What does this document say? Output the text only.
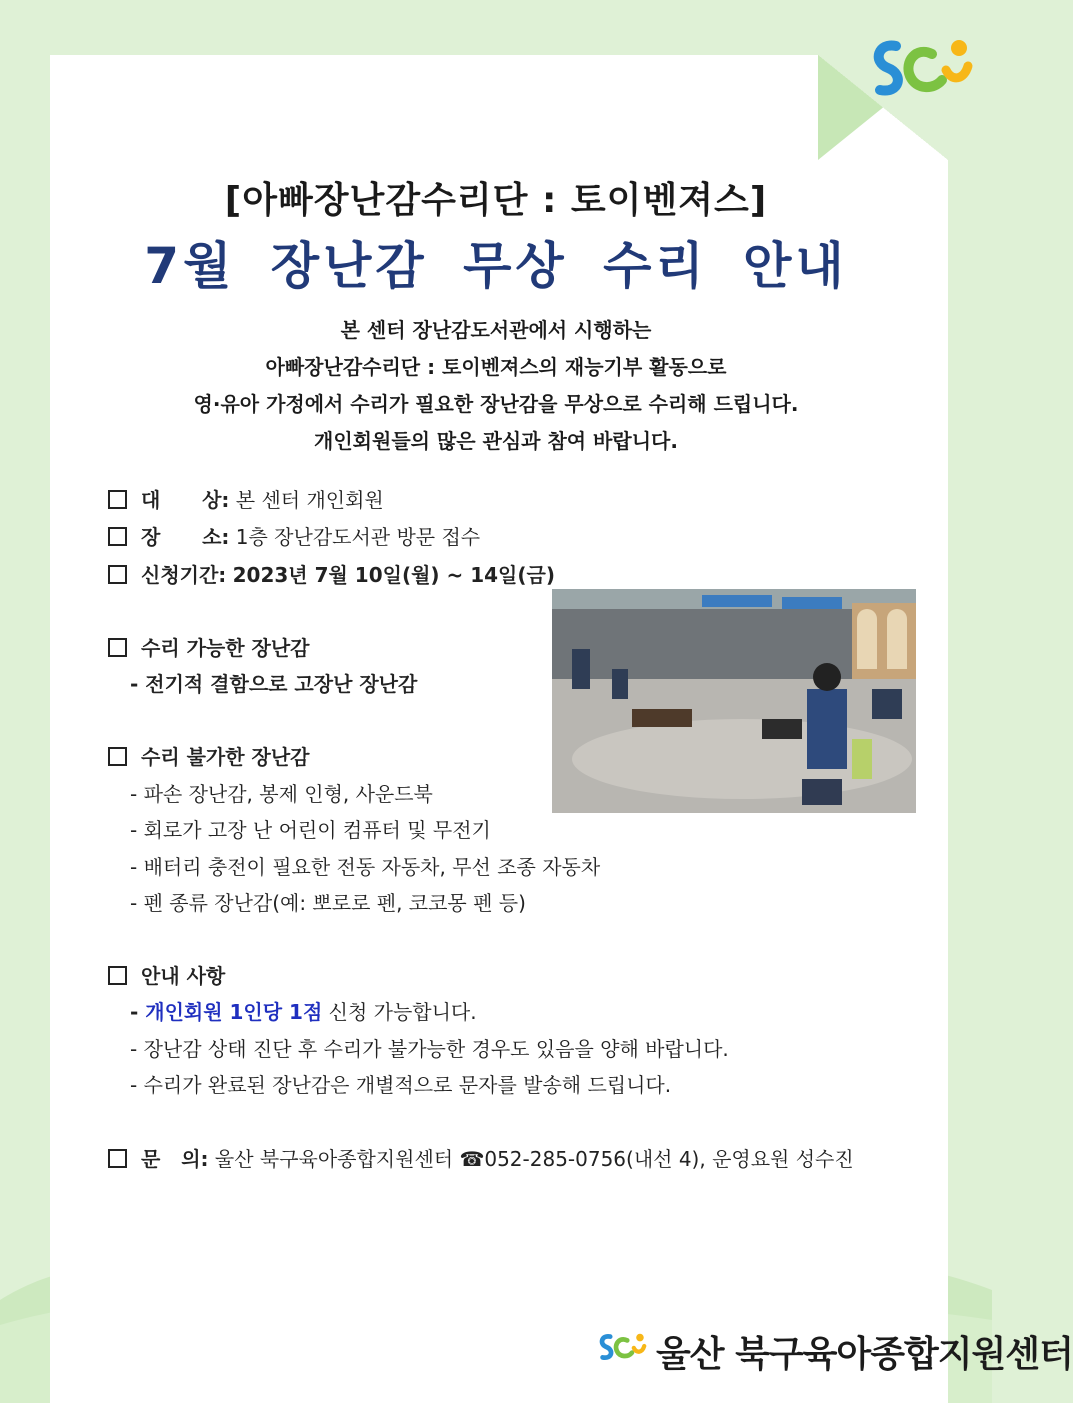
[아빠장난감수리단 : 토이벤져스]
7월 장난감 무상 수리 안내
본 센터 장난감도서관에서 시행하는
아빠장난감수리단 : 토이벤져스의 재능기부 활동으로
영·유아 가정에서 수리가 필요한 장난감을 무상으로 수리해 드립니다.
개인회원들의 많은 관심과 참여 바랍니다.
대      상: 본 센터 개인회원
장      소: 1층 장난감도서관 방문 접수
신청기간: 2023년 7월 10일(월) ~ 14일(금)
수리 가능한 장난감
- 전기적 결함으로 고장난 장난감
수리 불가한 장난감
- 파손 장난감, 봉제 인형, 사운드북
- 회로가 고장 난 어린이 컴퓨터 및 무전기
- 배터리 충전이 필요한 전동 자동차, 무선 조종 자동차
- 펜 종류 장난감(예: 뽀로로 펜, 코코몽 펜 등)
안내 사항
- 개인회원 1인당 1점 신청 가능합니다.
- 장난감 상태 진단 후 수리가 불가능한 경우도 있음을 양해 바랍니다.
- 수리가 완료된 장난감은 개별적으로 문자를 발송해 드립니다.
문   의: 울산 북구육아종합지원센터 ☎052-285-0756(내선 4), 운영요원 성수진
울산 북구육아종합지원센터
